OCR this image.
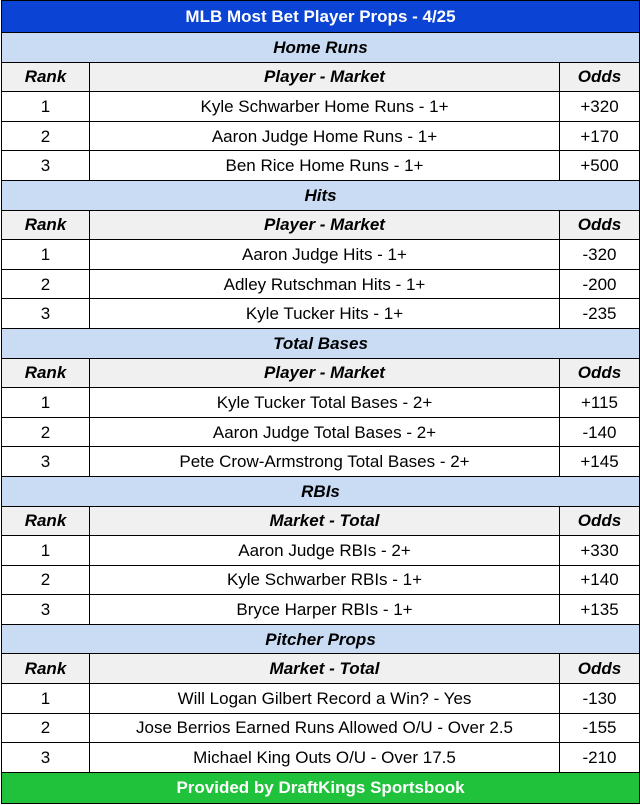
MLB Most Bet Player Props - 4/25		
Home Runs		
Rank	Player - Market	Odds
1	Kyle Schwarber Home Runs - 1+	+320
2	Aaron Judge Home Runs - 1+	+170
3	Ben Rice Home Runs - 1+	+500
Hits		
Rank	Player - Market	Odds
1	Aaron Judge Hits - 1+	-320
2	Adley Rutschman Hits - 1+	-200
3	Kyle Tucker Hits - 1+	-235
Total Bases		
Rank	Player - Market	Odds
1	Kyle Tucker Total Bases - 2+	+115
2	Aaron Judge Total Bases - 2+	-140
3	Pete Crow-Armstrong Total Bases - 2+	+145
RBIs		
Rank	Market - Total	Odds
1	Aaron Judge RBIs - 2+	+330
2	Kyle Schwarber RBIs - 1+	+140
3	Bryce Harper RBIs - 1+	+135
Pitcher Props		
Rank	Market - Total	Odds
1	Will Logan Gilbert Record a Win? - Yes	-130
2	Jose Berrios Earned Runs Allowed O/U - Over 2.5	-155
3	Michael King Outs O/U - Over 17.5	-210
Provided by DraftKings Sportsbook		
